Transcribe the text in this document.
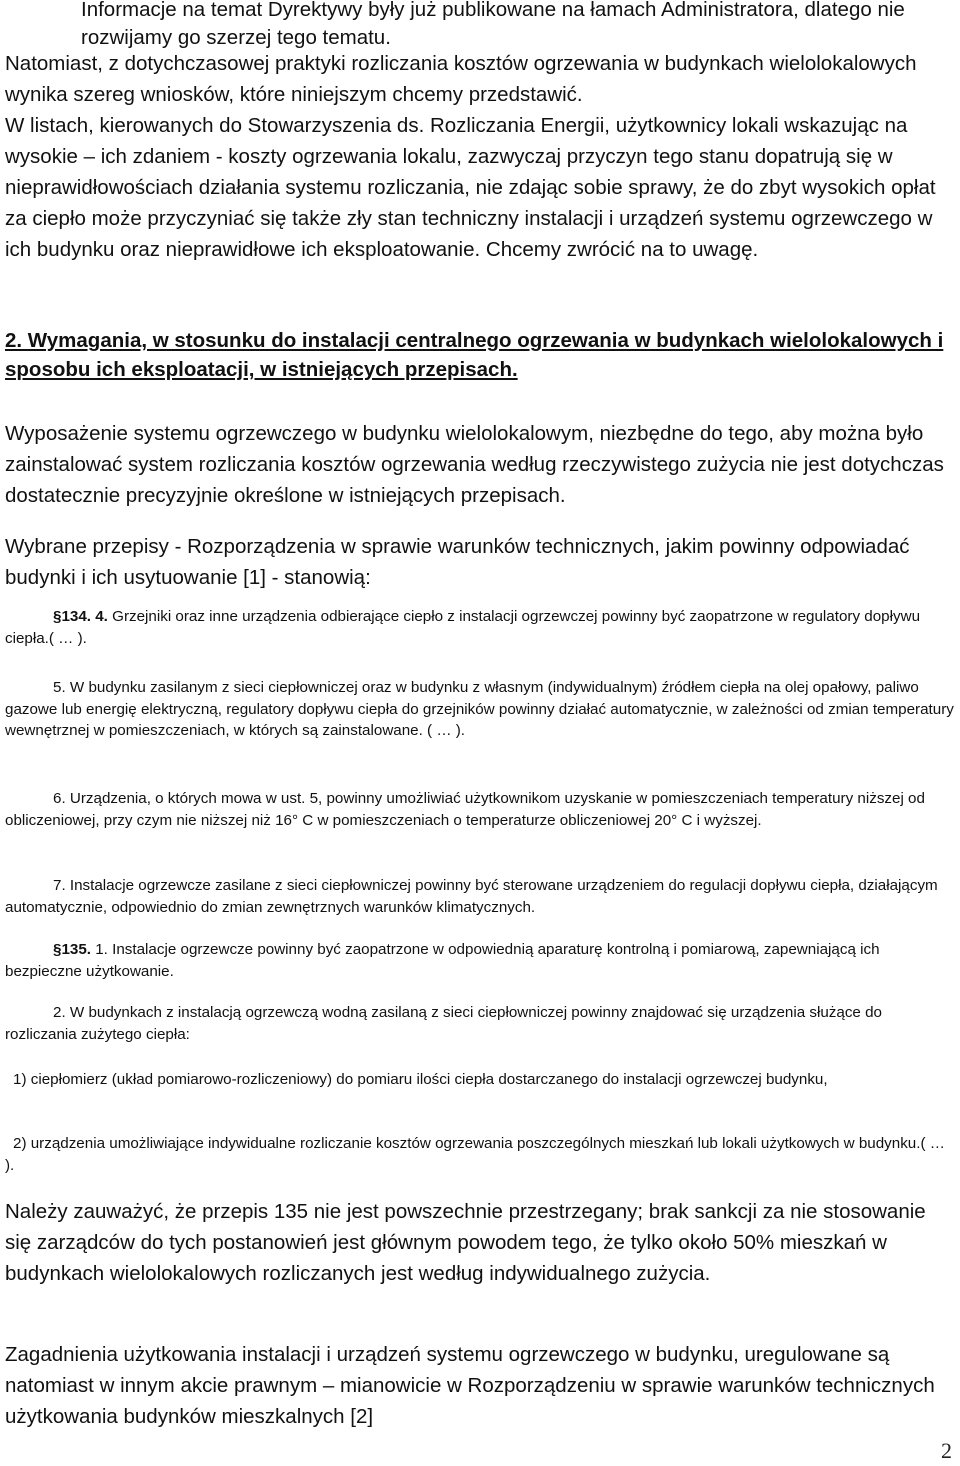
Informacje na temat Dyrektywy były już publikowane na łamach Administratora, dlatego nie

rozwijamy go szerzej tego tematu.

Natomiast, z dotychczasowej praktyki rozliczania kosztów ogrzewania w budynkach wielolokalowych wynika szereg wniosków, które niniejszym chcemy przedstawić.

W listach, kierowanych do Stowarzyszenia ds. Rozliczania Energii, użytkownicy lokali wskazując na wysokie – ich zdaniem - koszty ogrzewania lokalu, zazwyczaj przyczyn tego stanu dopatrują się w nieprawidłowościach działania systemu rozliczania, nie zdając sobie sprawy, że do zbyt wysokich opłat za ciepło może przyczyniać się także zły stan techniczny instalacji i urządzeń systemu ogrzewczego w ich budynku oraz nieprawidłowe ich eksploatowanie. Chcemy zwrócić na to uwagę.

2. Wymagania, w stosunku do instalacji centralnego ogrzewania w budynkach wielolokalowych i sposobu ich eksploatacji, w istniejących przepisach.

Wyposażenie systemu ogrzewczego w budynku wielolokalowym, niezbędne do tego, aby można było zainstalować system rozliczania kosztów ogrzewania według rzeczywistego zużycia nie jest dotychczas dostatecznie precyzyjnie określone w istniejących przepisach.

Wybrane przepisy - Rozporządzenia w sprawie warunków technicznych, jakim powinny odpowiadać budynki i ich usytuowanie [1] - stanowią:

§134. 4. Grzejniki oraz inne urządzenia odbierające ciepło z instalacji ogrzewczej powinny być zaopatrzone w regulatory dopływu ciepła.( … ).

5. W budynku zasilanym z sieci ciepłowniczej oraz w budynku z własnym (indywidualnym) źródłem ciepła na olej opałowy, paliwo gazowe lub energię elektryczną, regulatory dopływu ciepła do grzejników powinny działać automatycznie, w zależności od zmian temperatury wewnętrznej w pomieszczeniach, w których są zainstalowane. ( … ).

6. Urządzenia, o których mowa w ust. 5, powinny umożliwiać użytkownikom uzyskanie w pomieszczeniach temperatury niższej od obliczeniowej, przy czym nie niższej niż 16° C w pomieszczeniach o temperaturze obliczeniowej 20° C i wyższej.

7. Instalacje ogrzewcze zasilane z sieci ciepłowniczej powinny być sterowane urządzeniem do regulacji dopływu ciepła, działającym automatycznie, odpowiednio do zmian zewnętrznych warunków klimatycznych.

§135. 1. Instalacje ogrzewcze powinny być zaopatrzone w odpowiednią aparaturę kontrolną i pomiarową, zapewniającą ich bezpieczne użytkowanie.

2. W budynkach z instalacją ogrzewczą wodną zasilaną z sieci ciepłowniczej powinny znajdować się urządzenia służące do rozliczania zużytego ciepła:

1) ciepłomierz (układ pomiarowo-rozliczeniowy) do pomiaru ilości ciepła dostarczanego do instalacji ogrzewczej budynku,

2) urządzenia umożliwiające indywidualne rozliczanie kosztów ogrzewania poszczególnych mieszkań lub lokali użytkowych w budynku.( … ).

Należy zauważyć, że przepis 135 nie jest powszechnie przestrzegany; brak sankcji za nie stosowanie się zarządców do tych postanowień jest głównym powodem tego, że tylko około 50% mieszkań w budynkach wielolokalowych rozliczanych jest według indywidualnego zużycia.

Zagadnienia użytkowania instalacji i urządzeń systemu ogrzewczego w budynku, uregulowane są natomiast w innym akcie prawnym – mianowicie w Rozporządzeniu w sprawie warunków technicznych użytkowania budynków mieszkalnych [2]

2
